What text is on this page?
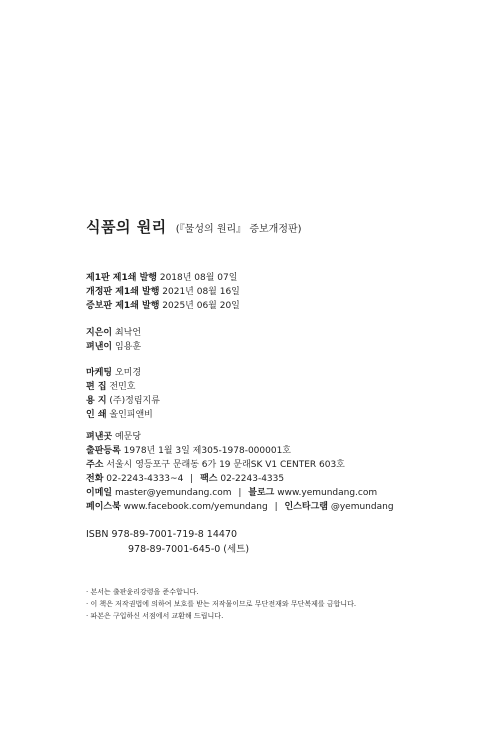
식품의 원리 (『물성의 원리』 증보개정판)
제1판 제1쇄 발행 2018년 08월 07일
개정판 제1쇄 발행 2021년 08월 16일
증보판 제1쇄 발행 2025년 06월 20일
지은이 최낙언
펴낸이 임용훈
마케팅 오미경
편 집 전민호
용 지 (주)정림지류
인 쇄 올인피앤비
펴낸곳 예문당
출판등록 1978년 1월 3일 제305-1978-000001호
주소 서울시 영등포구 문래동 6가 19 문래SK V1 CENTER 603호
전화 02-2243-4333~4 | 팩스 02-2243-4335
이메일 master@yemundang.com | 블로그 www.yemundang.com
페이스북 www.facebook.com/yemundang | 인스타그램 @yemundang
ISBN 978-89-7001-719-8 14470
978-89-7001-645-0 (세트)
· 본서는 출판윤리강령을 준수합니다.
· 이 책은 저작권법에 의하여 보호를 받는 저작물이므로 무단전재와 무단복제를 금합니다.
· 파본은 구입하신 서점에서 교환해 드립니다.
